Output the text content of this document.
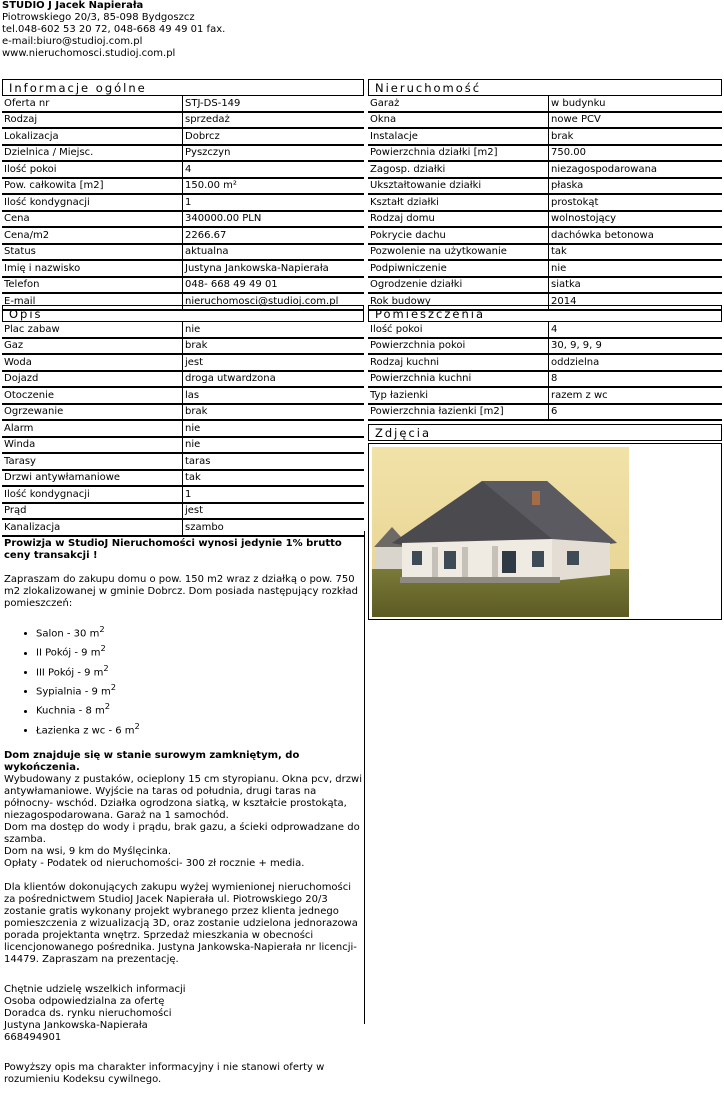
STUDIO J Jacek Napierała
Piotrowskiego 20/3, 85-098 Bydgoszcz
tel.048-602 53 20 72, 048-668 49 49 01 fax.
e-mail:biuro@studioj.com.pl
www.nieruchomosci.studioj.com.pl
Informacje ogólne
Oferta nr	STJ-DS-149
Rodzaj	sprzedaż
Lokalizacja	Dobrcz
Dzielnica / Miejsc.	Pyszczyn
Ilość pokoi	4
Pow. całkowita [m2]	150.00 m²
Ilość kondygnacji	1
Cena	340000.00 PLN
Cena/m2	2266.67
Status	aktualna
Imię i nazwisko	Justyna Jankowska-Napierała
Telefon	048- 668 49 49 01
E-mail	nieruchomosci@studioj.com.pl
Nieruchomość
Garaż	w budynku
Okna	nowe PCV
Instalacje	brak
Powierzchnia działki [m2]	750.00
Zagosp. działki	niezagospodarowana
Ukształtowanie działki	płaska
Kształt działki	prostokąt
Rodzaj domu	wolnostojący
Pokrycie dachu	dachówka betonowa
Pozwolenie na użytkowanie	tak
Podpiwniczenie	nie
Ogrodzenie działki	siatka
Rok budowy	2014
Opis
Plac zabaw	nie
Gaz	brak
Woda	jest
Dojazd	droga utwardzona
Otoczenie	las
Ogrzewanie	brak
Alarm	nie
Winda	nie
Tarasy	taras
Drzwi antywłamaniowe	tak
Ilość kondygnacji	1
Prąd	jest
Kanalizacja	szambo
Pomieszczenia
Ilość pokoi	4
Powierzchnia pokoi	30, 9, 9, 9
Rodzaj kuchni	oddzielna
Powierzchnia kuchni	8
Typ łazienki	razem z wc
Powierzchnia łazienki [m2]	6
Zdjęcia

Prowizja w StudioJ Nieruchomości wynosi jedynie 1% brutto ceny transakcji !

Zapraszam do zakupu domu o pow. 150 m2 wraz z działką o pow. 750 m2 zlokalizowanej w gminie Dobrcz. Dom posiada następujący rozkład pomieszczeń:

• Salon - 30 $m^2$
• II Pokój - 9 $m^2$
• III Pokój - 9 $m^2$
• Sypialnia - 9 $m^2$
• Kuchnia - 8 $m^2$
• Łazienka z wc - 6 $m^2$

Dom znajduje się w stanie surowym zamkniętym, do wykończenia.
Wybudowany z pustaków, ocieplony 15 cm styropianu. Okna pcv, drzwi antywłamaniowe. Wyjście na taras od południa, drugi taras na północny- wschód. Działka ogrodzona siatką, w kształcie prostokąta, niezagospodarowana. Garaż na 1 samochód.
Dom ma dostęp do wody i prądu, brak gazu, a ścieki odprowadzane do szamba.
Dom na wsi, 9 km do Myślęcinka.
Opłaty - Podatek od nieruchomości- 300 zł rocznie + media.

Dla klientów dokonujących zakupu wyżej wymienionej nieruchomości za pośrednictwem StudioJ Jacek Napierała ul. Piotrowskiego 20/3 zostanie gratis wykonany projekt wybranego przez klienta jednego pomieszczenia z wizualizacją 3D, oraz zostanie udzielona jednorazowa porada projektanta wnętrz. Sprzedaż mieszkania w obecności licencjonowanego pośrednika. Justyna Jankowska-Napierała nr licencji- 14479. Zapraszam na prezentację.

Chętnie udzielę wszelkich informacji
Osoba odpowiedzialna za ofertę
Doradca ds. rynku nieruchomości
Justyna Jankowska-Napierała
668494901

Powyższy opis ma charakter informacyjny i nie stanowi oferty w rozumieniu Kodeksu cywilnego.
